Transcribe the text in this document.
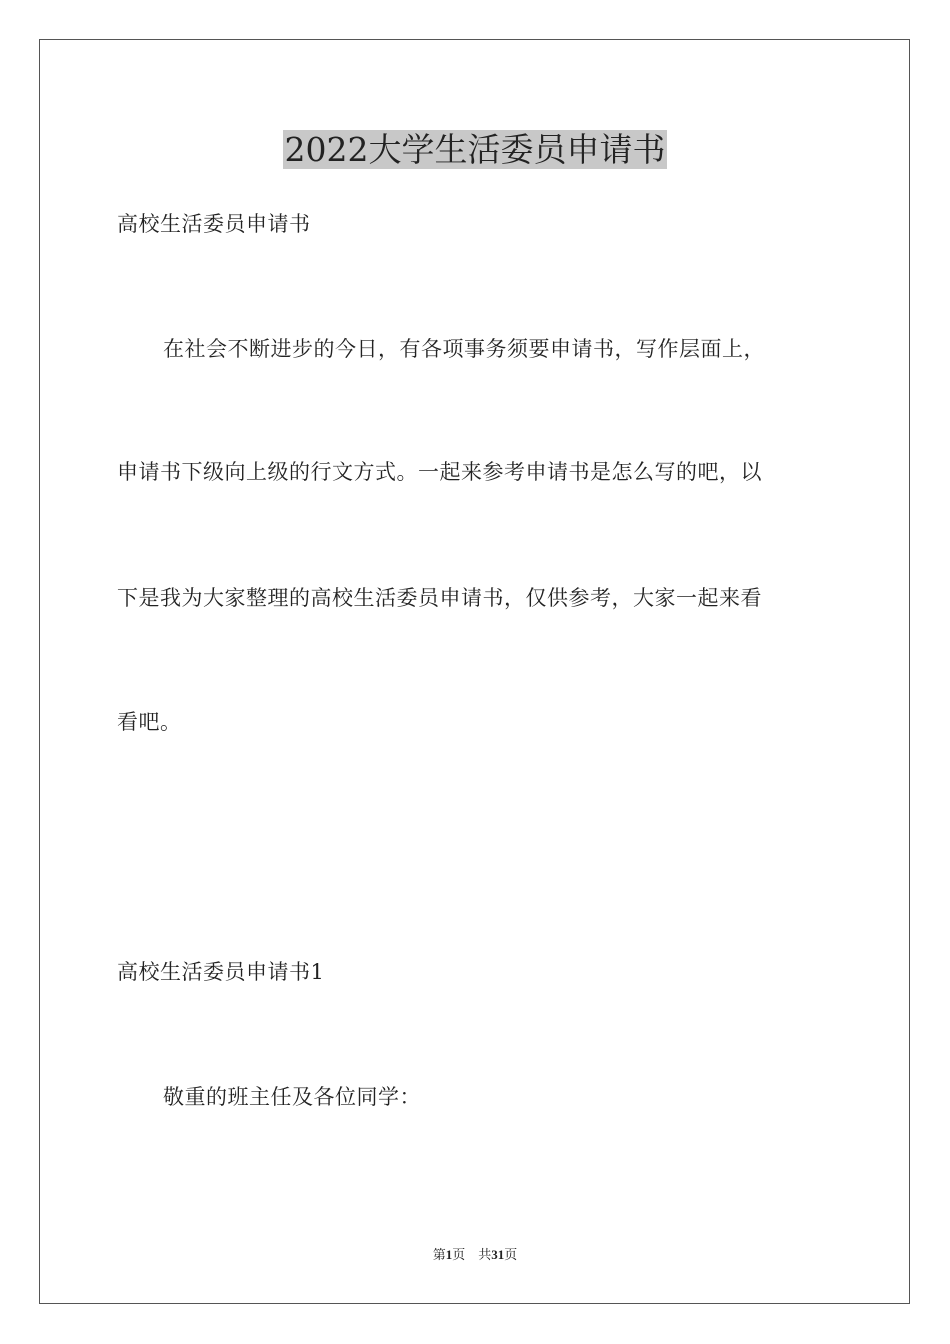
2022大学生活委员申请书
高校生活委员申请书
在社会不断进步的今日，有各项事务须要申请书，写作层面上，
申请书下级向上级的行文方式。一起来参考申请书是怎么写的吧，以
下是我为大家整理的高校生活委员申请书，仅供参考，大家一起来看
看吧。
高校生活委员申请书1
敬重的班主任及各位同学：
第1页　共31页
